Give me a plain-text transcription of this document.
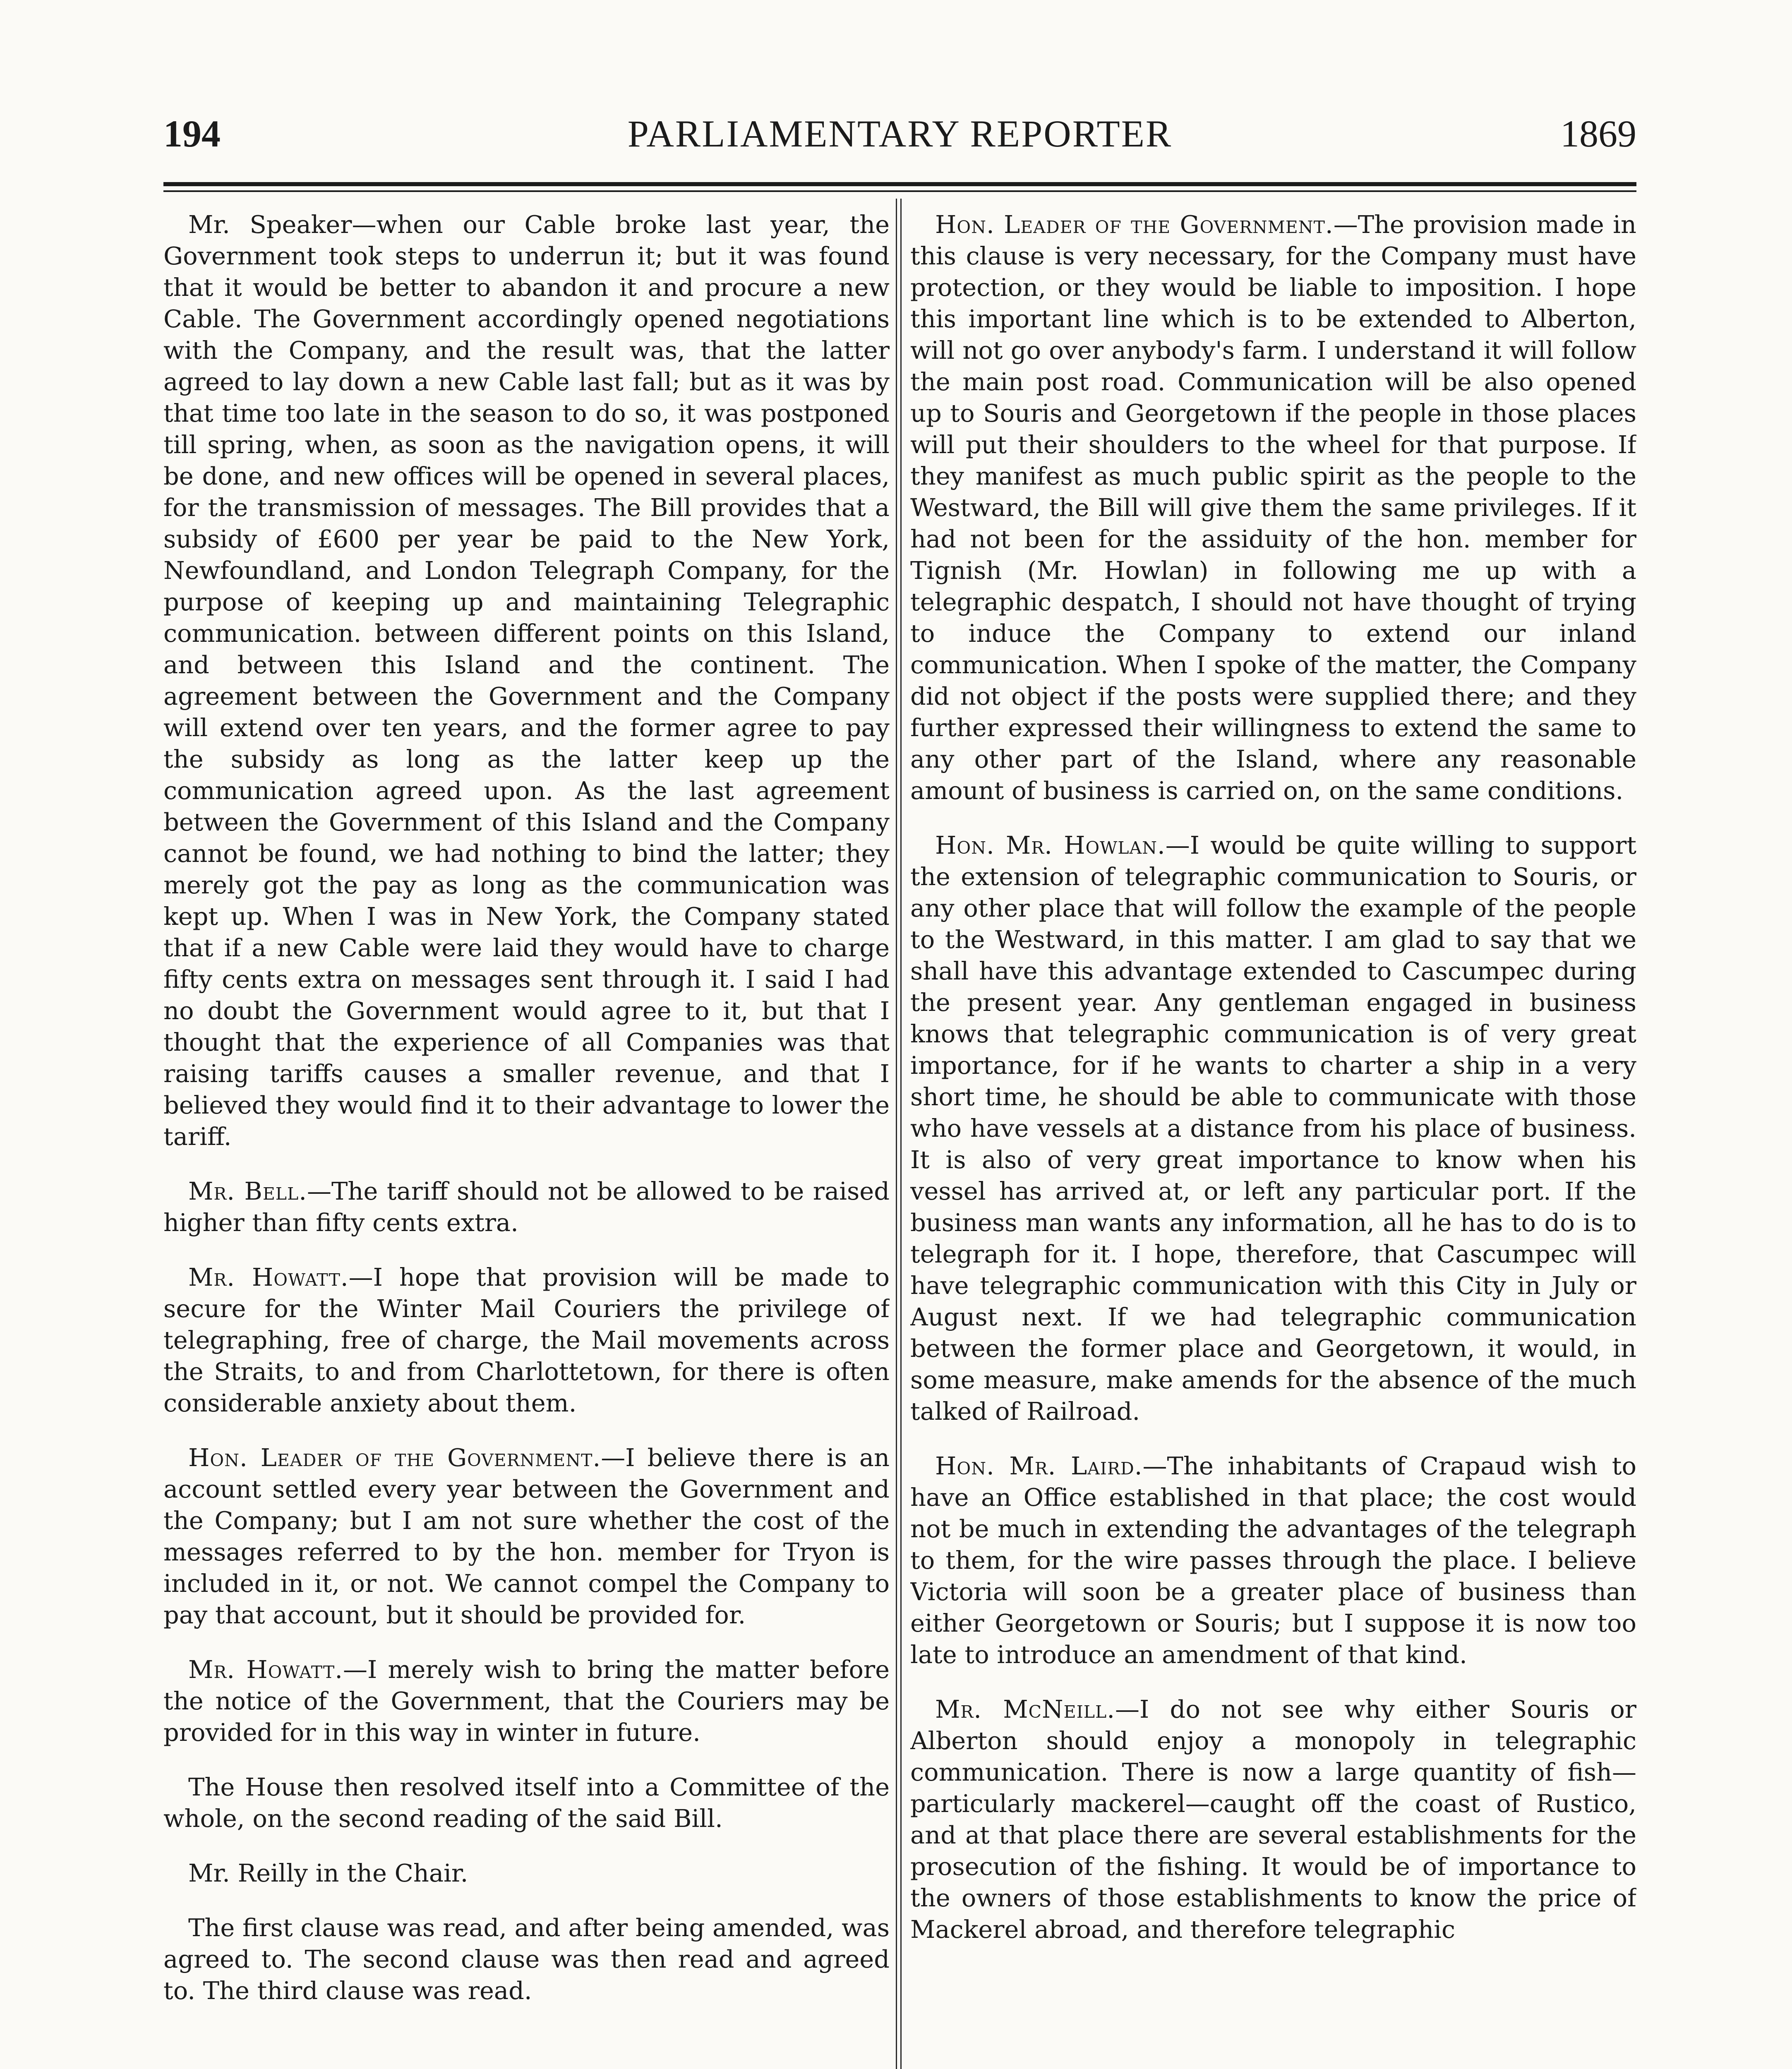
194	PARLIAMENTARY REPORTER	1869

Mr. Speaker—when our Cable broke last year, the Government took steps to underrun it; but it was found that it would be better to abandon it and procure a new Cable. The Government accordingly opened negotiations with the Company, and the result was, that the latter agreed to lay down a new Cable last fall; but as it was by that time too late in the season to do so, it was postponed till spring, when, as soon as the navigation opens, it will be done, and new offices will be opened in several places, for the transmission of messages. The Bill provides that a subsidy of £600 per year be paid to the New York, Newfoundland, and London Telegraph Company, for the purpose of keeping up and maintaining Telegraphic communication. between different points on this Island, and between this Island and the continent. The agreement between the Government and the Company will extend over ten years, and the former agree to pay the subsidy as long as the latter keep up the communication agreed upon. As the last agreement between the Government of this Island and the Company cannot be found, we had nothing to bind the latter; they merely got the pay as long as the communication was kept up. When I was in New York, the Company stated that if a new Cable were laid they would have to charge fifty cents extra on messages sent through it. I said I had no doubt the Government would agree to it, but that I thought that the experience of all Companies was that raising tariffs causes a smaller revenue, and that I believed they would find it to their advantage to lower the tariff.

Mr. Bell.—The tariff should not be allowed to be raised higher than fifty cents extra.

Mr. Howatt.—I hope that provision will be made to secure for the Winter Mail Couriers the privilege of telegraphing, free of charge, the Mail movements across the Straits, to and from Charlottetown, for there is often considerable anxiety about them.

Hon. Leader of the Government.—I believe there is an account settled every year between the Government and the Company; but I am not sure whether the cost of the messages referred to by the hon. member for Tryon is included in it, or not. We cannot compel the Company to pay that account, but it should be provided for.

Mr. Howatt.—I merely wish to bring the matter before the notice of the Government, that the Couriers may be provided for in this way in winter in future.

The House then resolved itself into a Committee of the whole, on the second reading of the said Bill.

Mr. Reilly in the Chair.

The first clause was read, and after being amended, was agreed to. The second clause was then read and agreed to. The third clause was read.

Hon. Leader of the Government.—The provision made in this clause is very necessary, for the Company must have protection, or they would be liable to imposition. I hope this important line which is to be extended to Alberton, will not go over anybody's farm. I understand it will follow the main post road. Communication will be also opened up to Souris and Georgetown if the people in those places will put their shoulders to the wheel for that purpose. If they manifest as much public spirit as the people to the Westward, the Bill will give them the same privileges. If it had not been for the assiduity of the hon. member for Tignish (Mr. Howlan) in following me up with a telegraphic despatch, I should not have thought of trying to induce the Company to extend our inland communication. When I spoke of the matter, the Company did not object if the posts were supplied there; and they further expressed their willingness to extend the same to any other part of the Island, where any reasonable amount of business is carried on, on the same conditions.

Hon. Mr. Howlan.—I would be quite willing to support the extension of telegraphic communication to Souris, or any other place that will follow the example of the people to the Westward, in this matter. I am glad to say that we shall have this advantage extended to Cascumpec during the present year. Any gentleman engaged in business knows that telegraphic communication is of very great importance, for if he wants to charter a ship in a very short time, he should be able to communicate with those who have vessels at a distance from his place of business. It is also of very great importance to know when his vessel has arrived at, or left any particular port. If the business man wants any information, all he has to do is to telegraph for it. I hope, therefore, that Cascumpec will have telegraphic communication with this City in July or August next. If we had telegraphic communication between the former place and Georgetown, it would, in some measure, make amends for the absence of the much talked of Railroad.

Hon. Mr. Laird.—The inhabitants of Crapaud wish to have an Office established in that place; the cost would not be much in extending the advantages of the telegraph to them, for the wire passes through the place. I believe Victoria will soon be a greater place of business than either Georgetown or Souris; but I suppose it is now too late to introduce an amendment of that kind.

Mr. McNeill.—I do not see why either Souris or Alberton should enjoy a monopoly in telegraphic communication. There is now a large quantity of fish—particularly mackerel—caught off the coast of Rustico, and at that place there are several establishments for the prosecution of the fishing. It would be of importance to the owners of those establishments to know the price of Mackerel abroad, and therefore telegraphic
